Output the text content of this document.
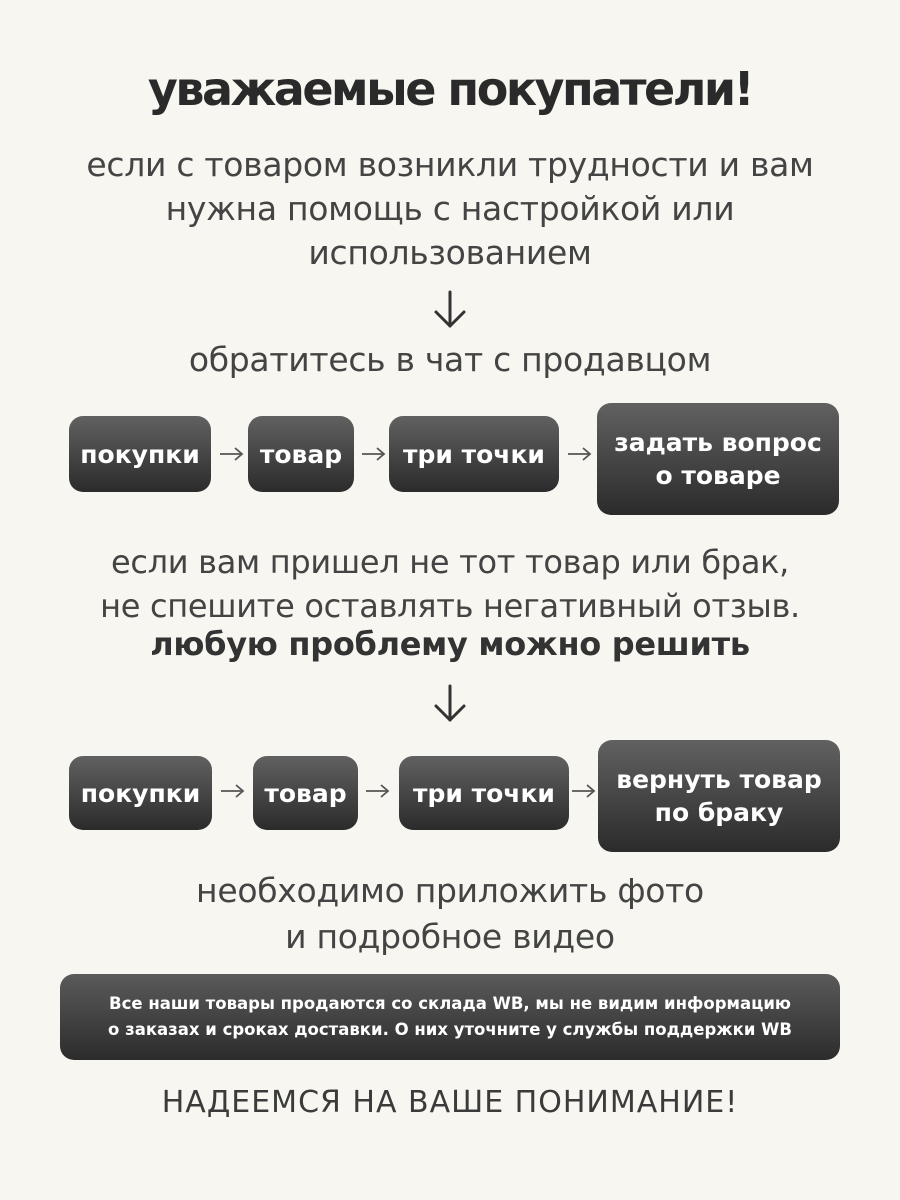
уважаемые покупатели!
если с товаром возникли трудности и вам
нужна помощь с настройкой или
использованием
обратитесь в чат с продавцом
покупки	товар	три точки	задать вопрос
о товаре
если вам пришел не тот товар или брак,
не спешите оставлять негативный отзыв.
любую проблему можно решить
покупки	товар	три точки	вернуть товар
по браку
необходимо приложить фото
и подробное видео
Все наши товары продаются со склада WB, мы не видим информацию
о заказах и сроках доставки. О них уточните у службы поддержки WB
НАДЕЕМСЯ НА ВАШЕ ПОНИМАНИЕ!
